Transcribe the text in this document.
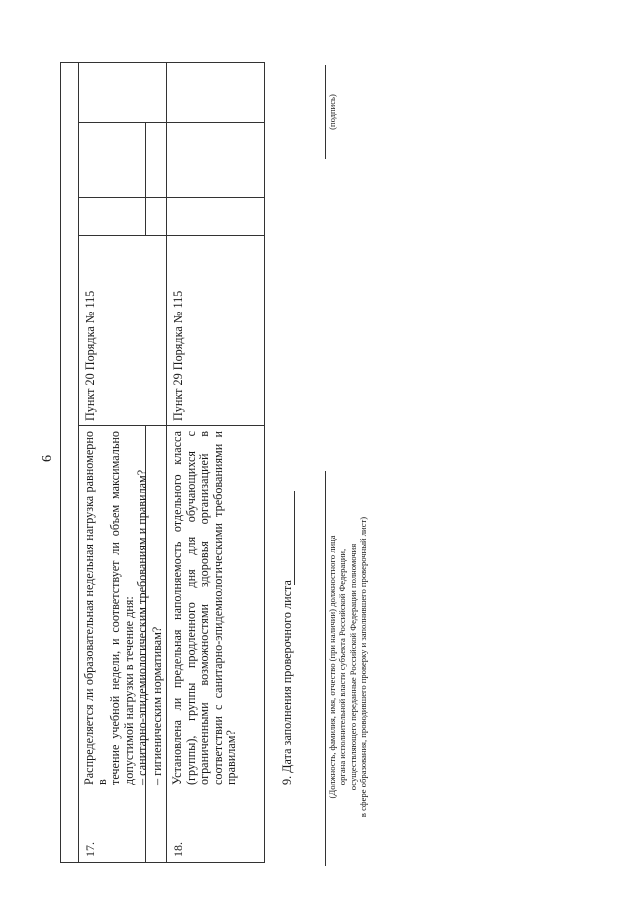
6
17.	18.
Распределяется ли образовательная недельная нагрузка равномерно в течение учебной недели, и соответствует ли объем максимально допустимой нагрузки в течение дня: – санитарно-эпидемиологическим требованиям и правилам? – гигиеническим нормативам?
Пункт 20 Порядка № 115
Установлена ли предельная наполняемость отдельного класса (группы), группы продленного дня для обучающихся с ограниченными возможностями здоровья организацией в соответствии с санитарно-эпидемиологическими требованиями и правилам?
Пункт 29 Порядка № 115
9. Дата заполнения проверочного листа	(Должность, фамилия, имя, отчество (при наличии) должностного лица органа исполнительной власти субъекта Российской Федерации, осуществляющего переданные Российской Федерации полномочия в сфере образования, проводившего проверку и заполнившего проверочный лист)
(подпись)
